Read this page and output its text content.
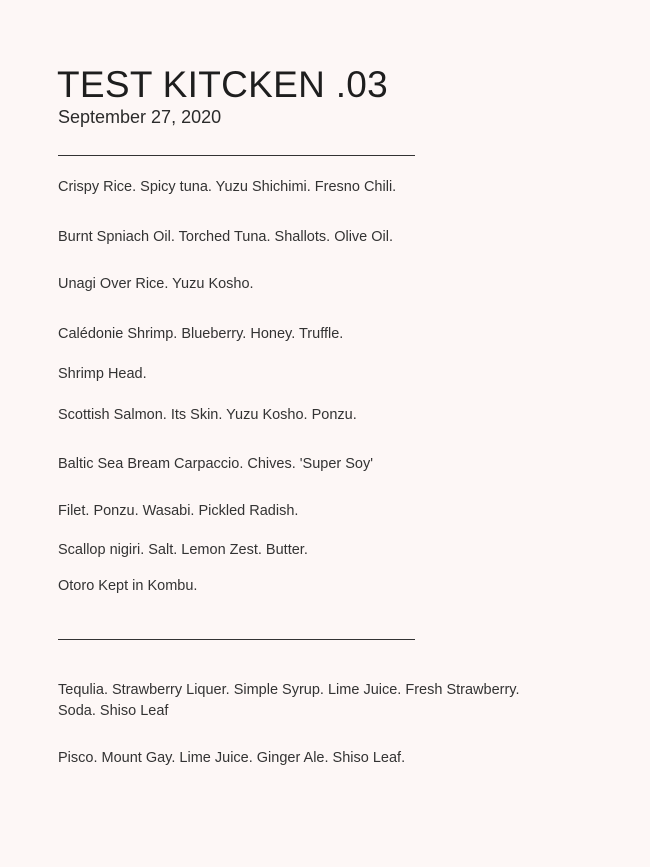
TEST KITCKEN .03
September 27, 2020
Crispy Rice. Spicy tuna. Yuzu Shichimi. Fresno Chili.
Burnt Spniach Oil. Torched Tuna. Shallots. Olive Oil.
Unagi Over Rice. Yuzu Kosho.
Calédonie Shrimp. Blueberry. Honey. Truffle.
Shrimp Head.
Scottish Salmon. Its Skin. Yuzu Kosho. Ponzu.
Baltic Sea Bream Carpaccio. Chives. 'Super Soy'
Filet. Ponzu. Wasabi. Pickled Radish.
Scallop nigiri. Salt. Lemon Zest. Butter.
Otoro Kept in Kombu.
Tequlia. Strawberry Liquer. Simple Syrup. Lime Juice. Fresh Strawberry. Soda. Shiso Leaf
Pisco. Mount Gay. Lime Juice. Ginger Ale. Shiso Leaf.
